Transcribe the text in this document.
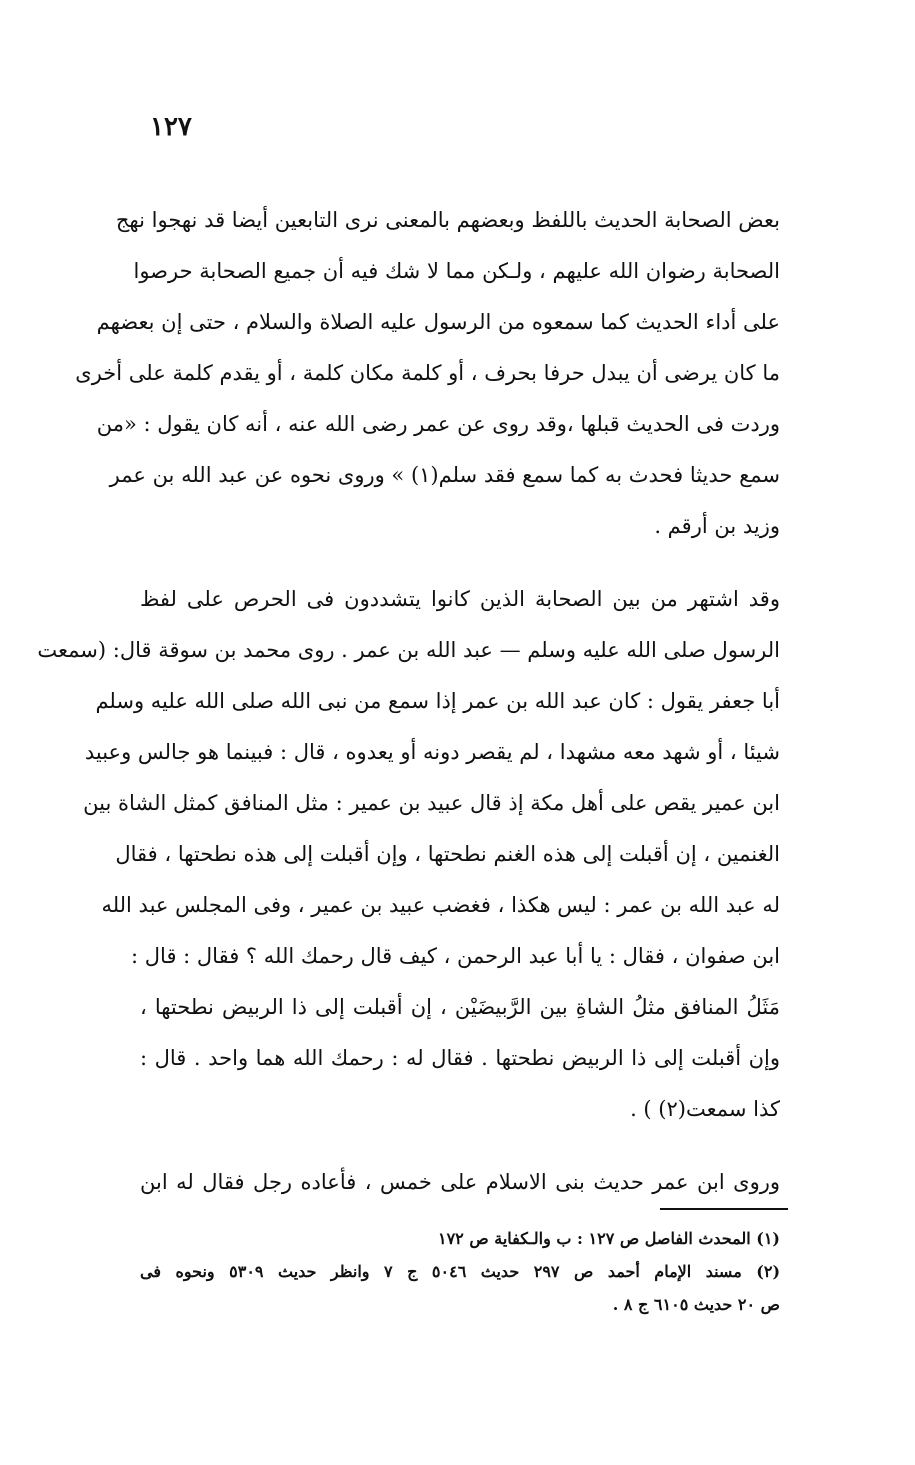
١٢٧
بعض الصحابة الحديث باللفظ وبعضهم بالمعنى نرى التابعين أيضا قد نهجوا نهج
الصحابة رضوان الله عليهم ، ولـكن مما لا شك فيه أن جميع الصحابة حرصوا
على أداء الحديث كما سمعوه من الرسول عليه الصلاة والسلام ، حتى إن بعضهم
ما كان يرضى أن يبدل حرفا بحرف ، أو كلمة مكان كلمة ، أو يقدم كلمة على أخرى
وردت فى الحديث قبلها ،وقد روى عن عمر رضى الله عنه ، أنه كان يقول : «من
سمع حديثا فحدث به كما سمع فقد سلم(١) » وروى نحوه عن عبد الله بن عمر
وزيد بن أرقم .
وقد اشتهر من بين الصحابة الذين كانوا يتشددون فى الحرص على لفظ
الرسول صلى الله عليه وسلم — عبد الله بن عمر . روى محمد بن سوقة قال: (سمعت
أبا جعفر يقول : كان عبد الله بن عمر إذا سمع من نبى الله صلى الله عليه وسلم
شيئا ، أو شهد معه مشهدا ، لم يقصر دونه أو يعدوه ، قال : فبينما هو جالس وعبيد
ابن عمير يقص على أهل مكة إذ قال عبيد بن عمير : مثل المنافق كمثل الشاة بين
الغنمين ، إن أقبلت إلى هذه الغنم نطحتها ، وإن أقبلت إلى هذه نطحتها ، فقال
له عبد الله بن عمر : ليس هكذا ، فغضب عبيد بن عمير ، وفى المجلس عبد الله
ابن صفوان ، فقال : يا أبا عبد الرحمن ، كيف قال رحمك الله ؟ فقال : قال :
مَثَلُ المنافق مثلُ الشاةِ بين الرَّبيضَيْن ، إن أقبلت إلى ذا الربيض نطحتها ،
وإن أقبلت إلى ذا الربيض نطحتها . فقال له : رحمك الله هما واحد . قال :
كذا سمعت(٢) ) .
وروى ابن عمر حديث بنى الاسلام على خمس ، فأعاده رجل فقال له ابن
(١) المحدث الفاصل ص ١٢٧ : ب والـكفاية ص ١٧٢
(٢) مسند الإمام أحمد ص ٢٩٧ حديث ٥٠٤٦ ج ٧ وانظر حديث ٥٣٠٩ ونحوه فى
ص ٢٠ حديث ٦١٠٥ ج ٨ .
